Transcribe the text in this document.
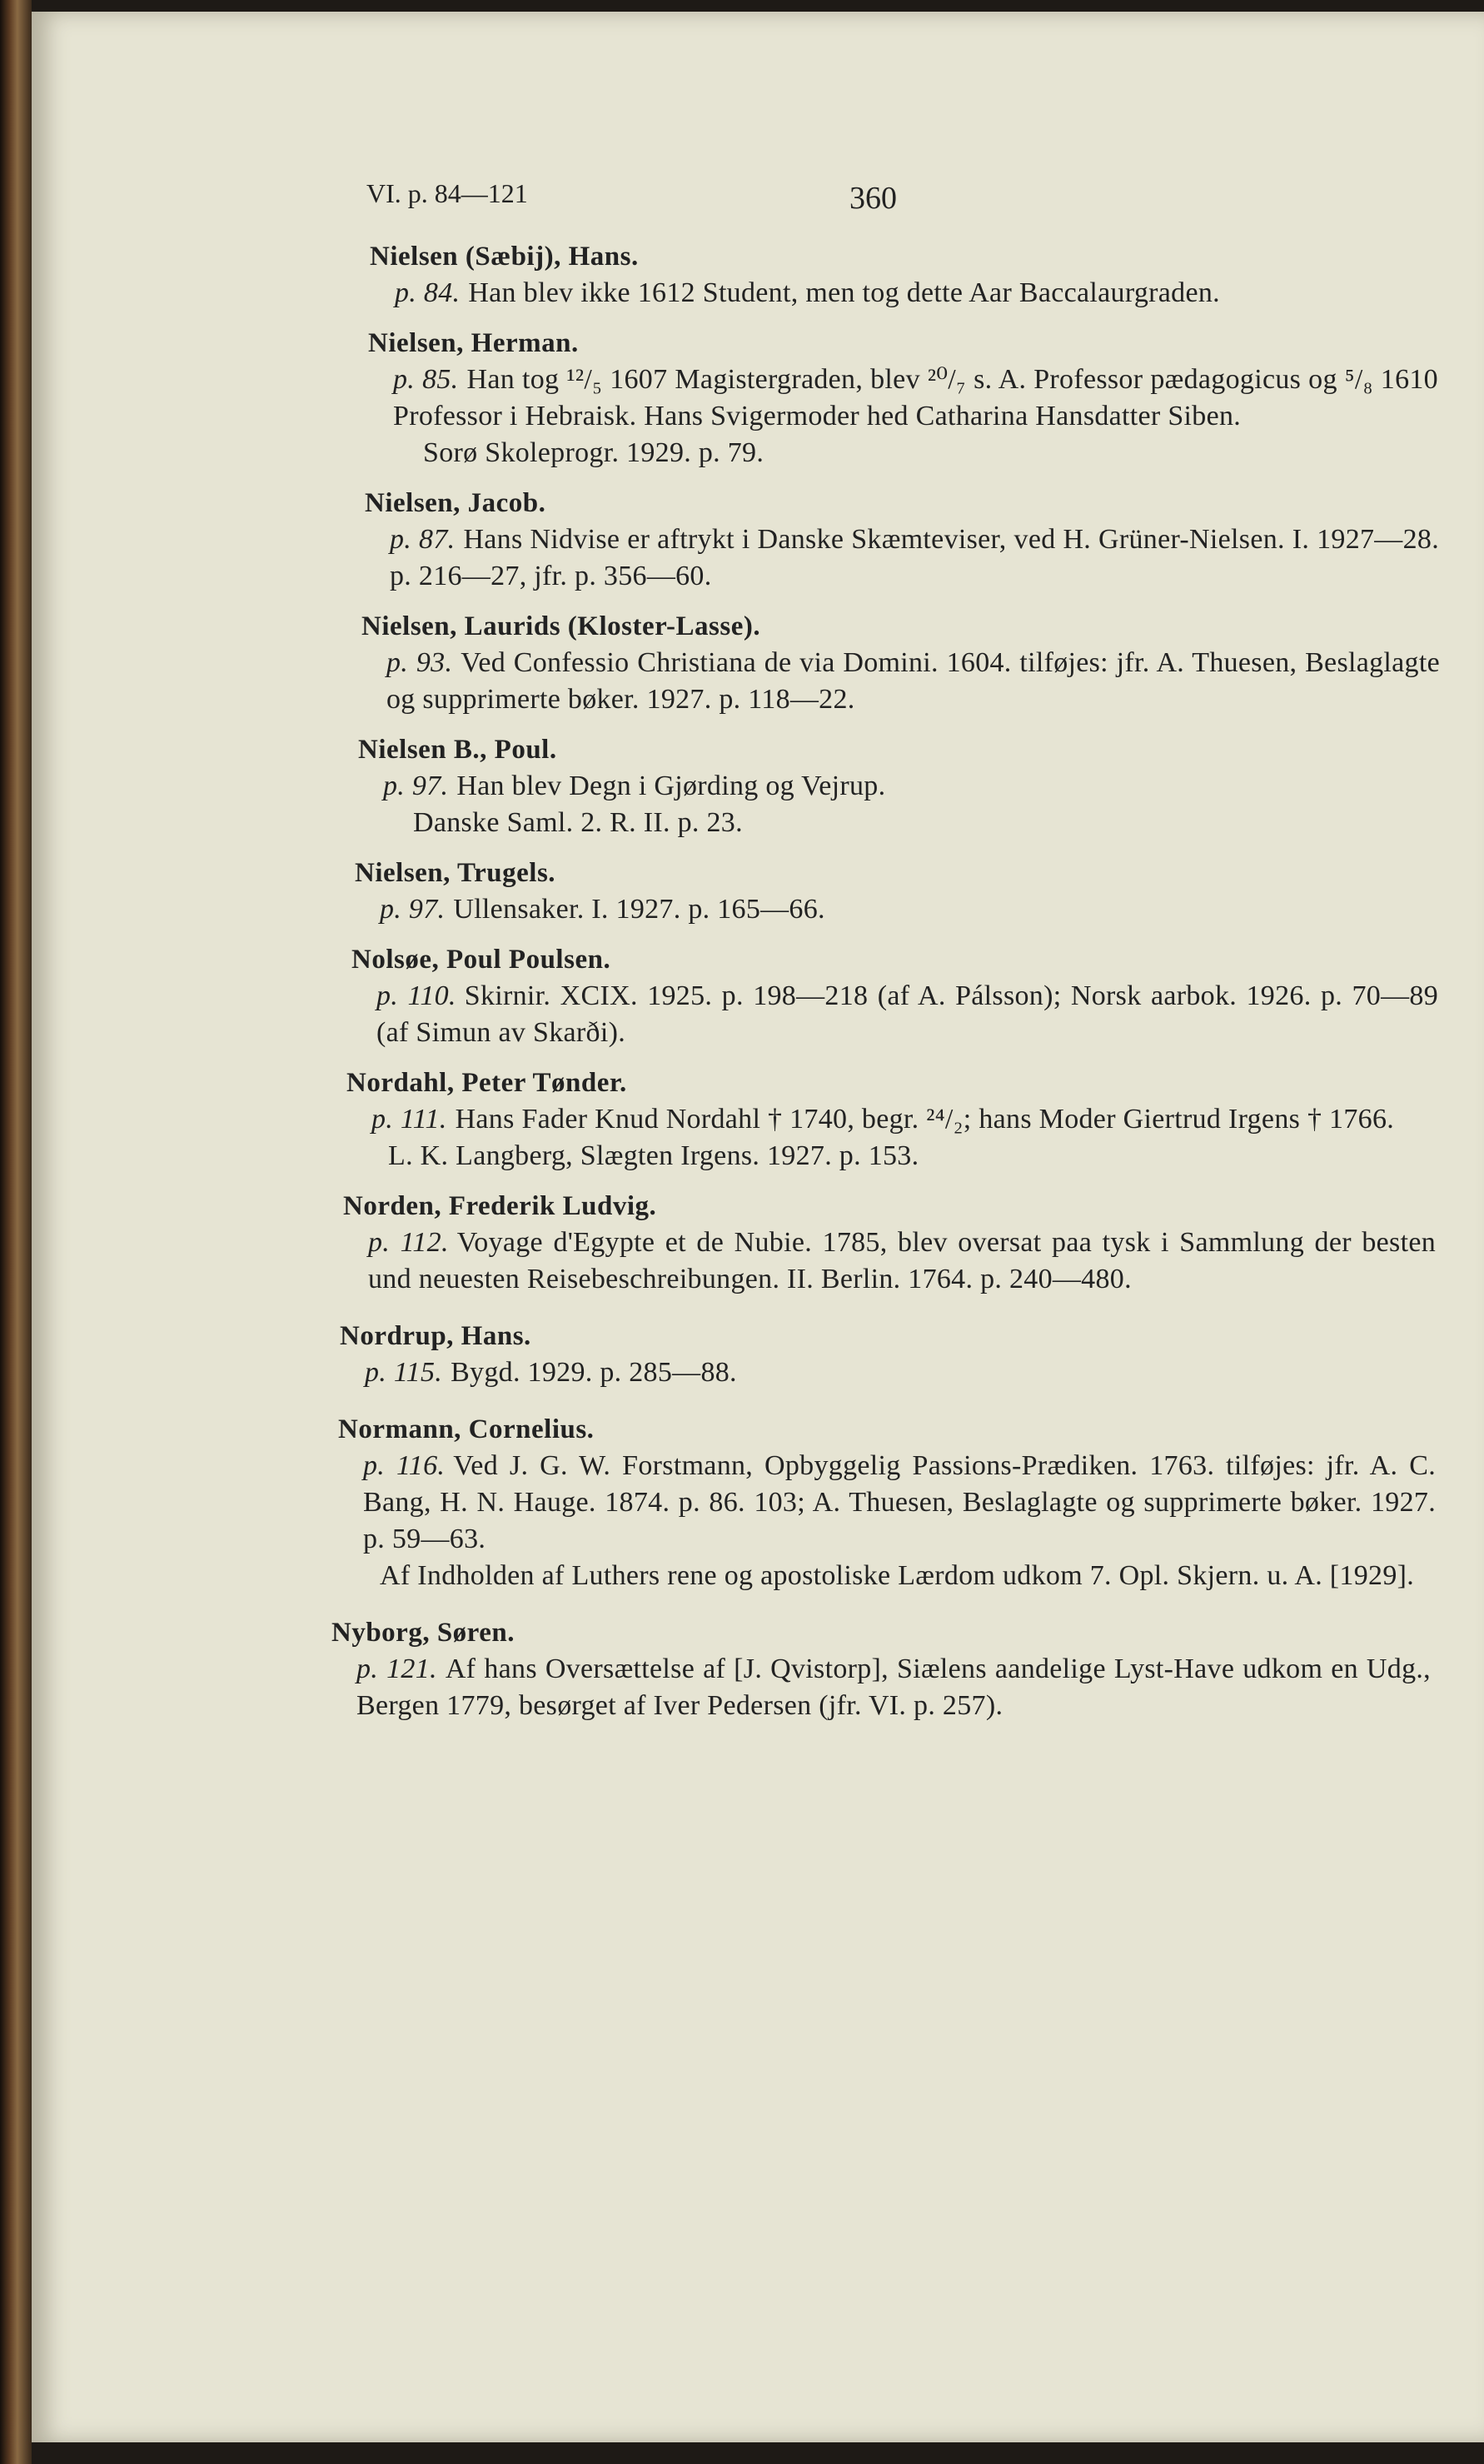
VI. p. 84—121	360
Nielsen (Sæbij), Hans.
p. 84. Han blev ikke 1612 Student, men tog dette Aar Baccalaurgraden.
Nielsen, Herman.
p. 85. Han tog ¹²/₅ 1607 Magistergraden, blev ²⁰/₇ s. A. Professor pædagogicus og ⁵/₈ 1610 Professor i Hebraisk. Hans Svigermoder hed Catharina Hansdatter Siben.
Sorø Skoleprogr. 1929. p. 79.
Nielsen, Jacob.
p. 87. Hans Nidvise er aftrykt i Danske Skæmteviser, ved H. Grüner-Nielsen. I. 1927—28. p. 216—27, jfr. p. 356—60.
Nielsen, Laurids (Kloster-Lasse).
p. 93. Ved Confessio Christiana de via Domini. 1604. tilføjes: jfr. A. Thuesen, Beslaglagte og supprimerte bøker. 1927. p. 118—22.
Nielsen B., Poul.
p. 97. Han blev Degn i Gjørding og Vejrup.
Danske Saml. 2. R. II. p. 23.
Nielsen, Trugels.
p. 97. Ullensaker. I. 1927. p. 165—66.
Nolsøe, Poul Poulsen.
p. 110. Skirnir. XCIX. 1925. p. 198—218 (af A. Pálsson); Norsk aarbok. 1926. p. 70—89 (af Simun av Skarði).
Nordahl, Peter Tønder.
p. 111. Hans Fader Knud Nordahl † 1740, begr. ²⁴/₂; hans Moder Giertrud Irgens † 1766.
L. K. Langberg, Slægten Irgens. 1927. p. 153.
Norden, Frederik Ludvig.
p. 112. Voyage d'Egypte et de Nubie. 1785, blev oversat paa tysk i Sammlung der besten und neuesten Reisebeschreibungen. II. Berlin. 1764. p. 240—480.
Nordrup, Hans.
p. 115. Bygd. 1929. p. 285—88.
Normann, Cornelius.
p. 116. Ved J. G. W. Forstmann, Opbyggelig Passions-Prædiken. 1763. tilføjes: jfr. A. C. Bang, H. N. Hauge. 1874. p. 86. 103; A. Thuesen, Beslaglagte og supprimerte bøker. 1927. p. 59—63.
Af Indholden af Luthers rene og apostoliske Lærdom udkom 7. Opl. Skjern. u. A. [1929].
Nyborg, Søren.
p. 121. Af hans Oversættelse af [J. Qvistorp], Siælens aandelige Lyst-Have udkom en Udg., Bergen 1779, besørget af Iver Pedersen (jfr. VI. p. 257).
